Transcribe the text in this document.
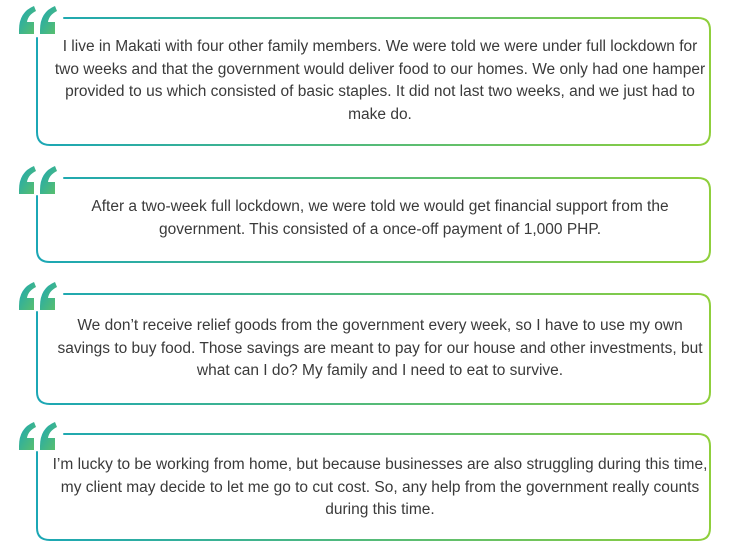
I live in Makati with four other family members. We were told we were under full lockdown for two weeks and that the government would deliver food to our homes. We only had one hamper provided to us which consisted of basic staples. It did not last two weeks, and we just had to make do.

After a two-week full lockdown, we were told we would get financial support from the government. This consisted of a once-off payment of 1,000 PHP.

We don’t receive relief goods from the government every week, so I have to use my own savings to buy food. Those savings are meant to pay for our house and other investments, but what can I do? My family and I need to eat to survive.

I’m lucky to be working from home, but because businesses are also struggling during this time, my client may decide to let me go to cut cost. So, any help from the government really counts during this time.
